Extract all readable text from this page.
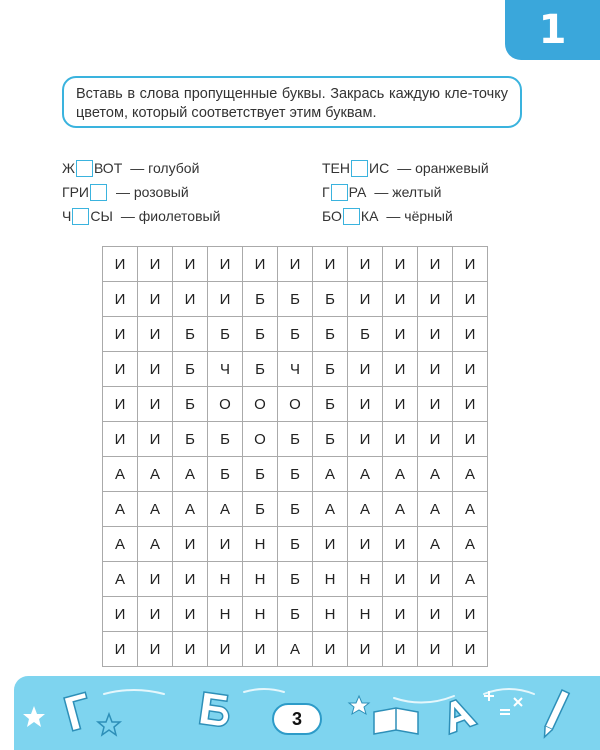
1
Вставь в слова пропущенные буквы. Закрась каждую кле-точку цветом, который соответствует этим буквам.
Ж ВОТ — голубой
ГРИ — розовый
Ч СЫ — фиолетовый
ТЕН ИС — оранжевый
Г РА — желтый
БО КА — чёрный
И	И	И	И	И	И	И	И	И	И	И
И	И	И	И	Б	Б	Б	И	И	И	И
И	И	Б	Б	Б	Б	Б	Б	И	И	И
И	И	Б	Ч	Б	Ч	Б	И	И	И	И
И	И	Б	О	О	О	Б	И	И	И	И
И	И	Б	Б	О	Б	Б	И	И	И	И
А	А	А	Б	Б	Б	А	А	А	А	А
А	А	А	А	Б	Б	А	А	А	А	А
А	А	И	И	Н	Б	И	И	И	А	А
А	И	И	Н	Н	Б	Н	Н	И	И	А
И	И	И	Н	Н	Б	Н	Н	И	И	И
И	И	И	И	И	А	И	И	И	И	И
3
